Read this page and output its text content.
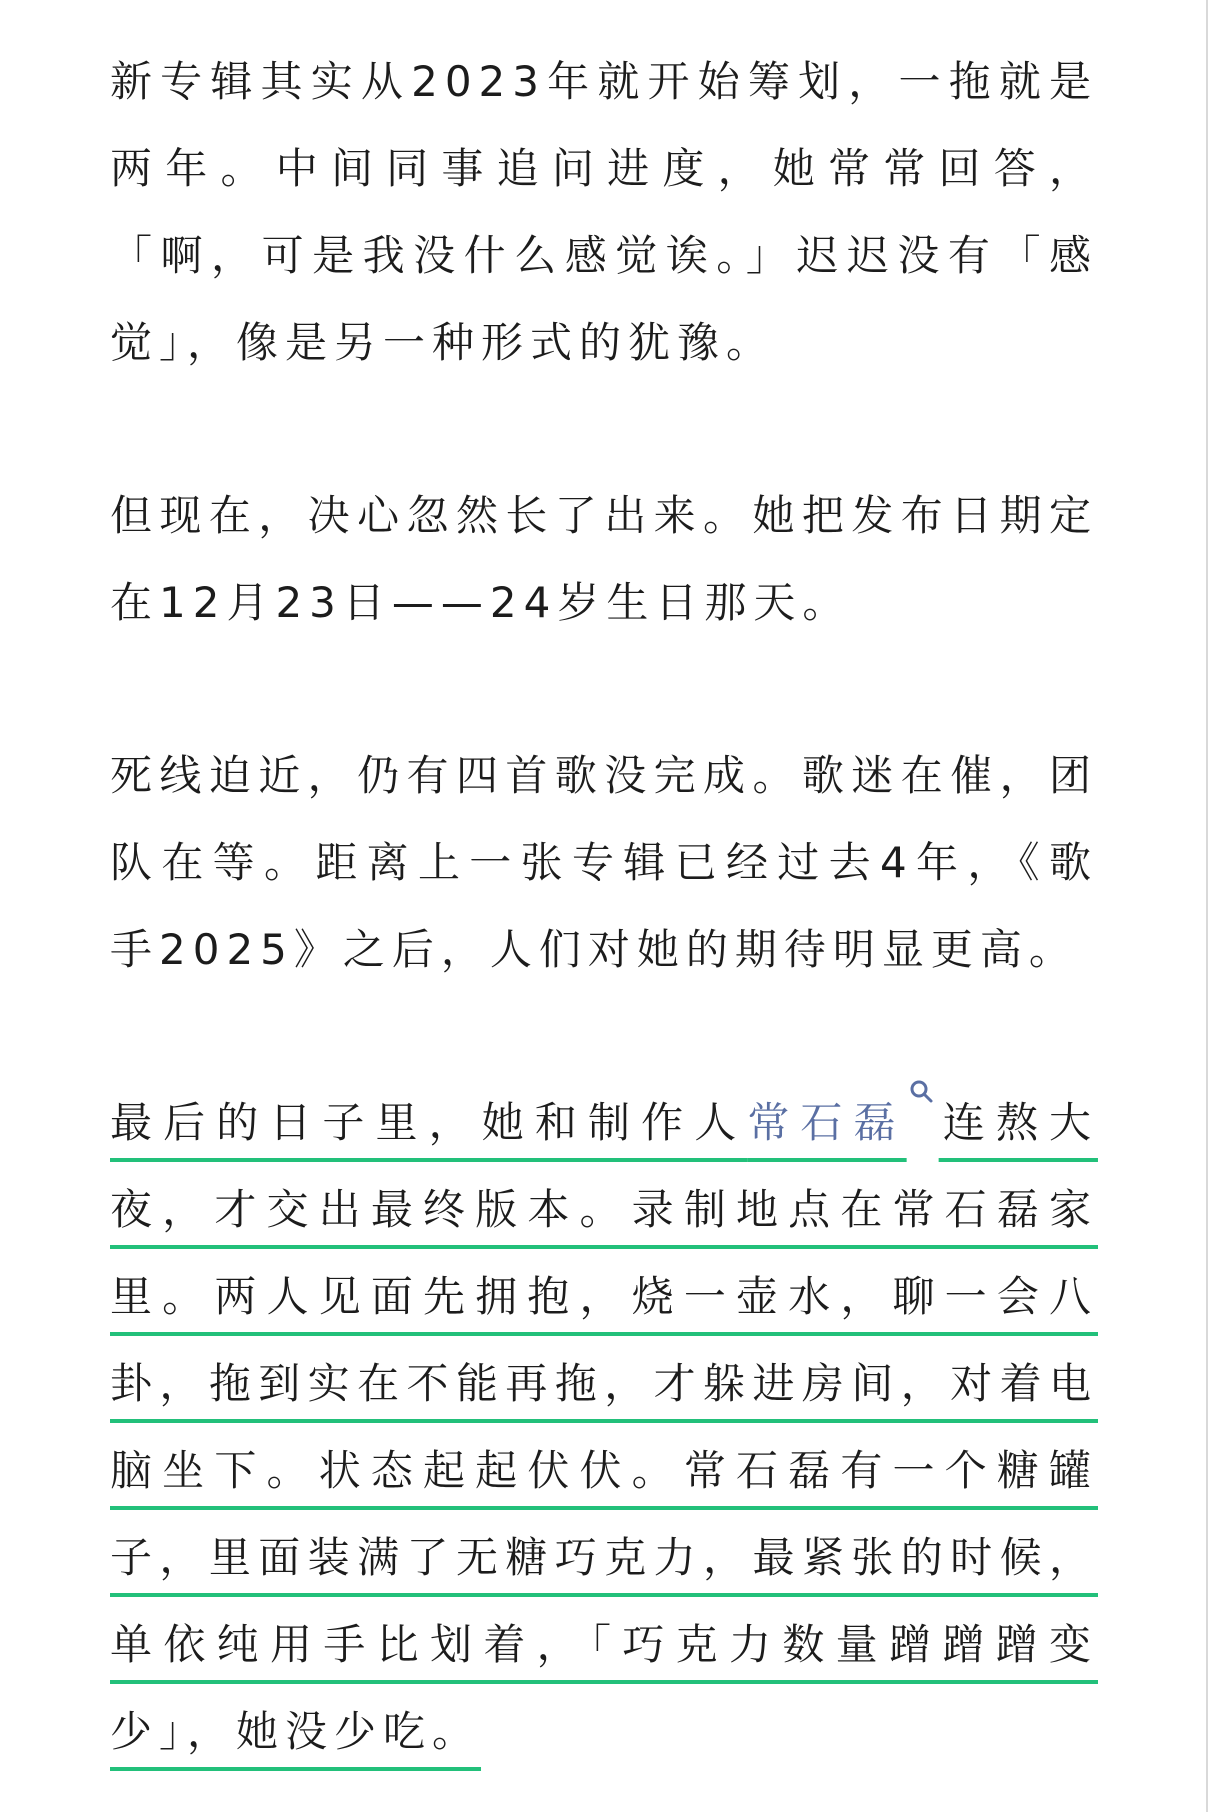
新专辑其实从2023年就开始筹划，一拖就是两年。中间同事追问进度，她常常回答，「啊，可是我没什么感觉诶。」迟迟没有「感觉」，像是另一种形式的犹豫。

但现在，决心忽然长了出来。她把发布日期定在12月23日——24岁生日那天。

死线迫近，仍有四首歌没完成。歌迷在催，团队在等。距离上一张专辑已经过去4年，《歌手2025》之后，人们对她的期待明显更高。

最后的日子里，她和制作人常石磊 连熬大夜，才交出最终版本。录制地点在常石磊家里。两人见面先拥抱，烧一壶水，聊一会八卦，拖到实在不能再拖，才躲进房间，对着电脑坐下。状态起起伏伏。常石磊有一个糖罐子，里面装满了无糖巧克力，最紧张的时候，单依纯用手比划着，「巧克力数量蹭蹭蹭变少」，她没少吃。
